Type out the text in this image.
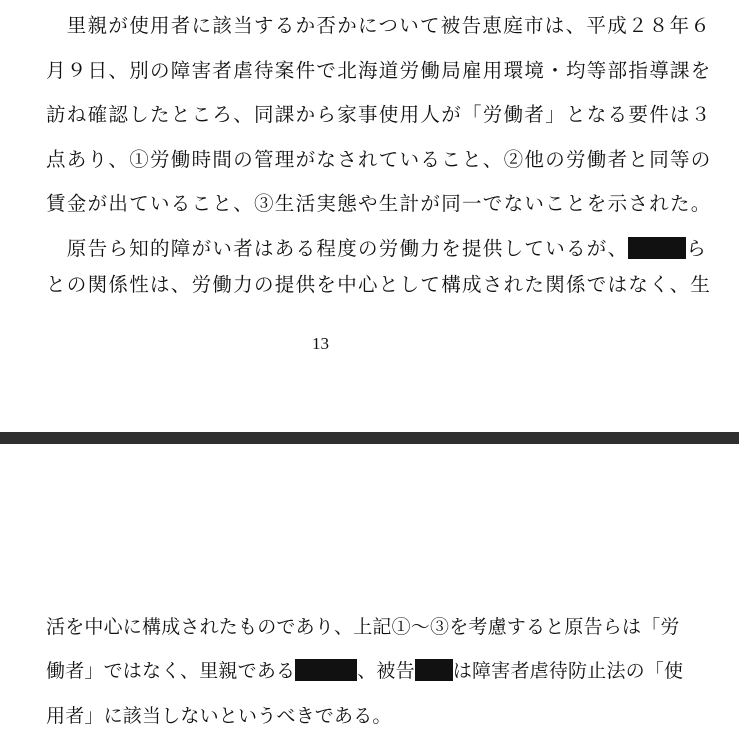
　里親が使用者に該当するか否かについて被告恵庭市は、平成２８年６
月９日、別の障害者虐待案件で北海道労働局雇用環境・均等部指導課を
訪ね確認したところ、同課から家事使用人が「労働者」となる要件は３
点あり、①労働時間の管理がなされていること、②他の労働者と同等の
賃金が出ていること、③生活実態や生計が同一でないことを示された。
　原告ら知的障がい者はある程度の労働力を提供しているが、	ら
との関係性は、労働力の提供を中心として構成された関係ではなく、生
13
活を中心に構成されたものであり、上記①～③を考慮すると原告らは「労
働者」ではなく、里親である	、被告 は障害者虐待防止法の「使
用者」に該当しないというべきである。
